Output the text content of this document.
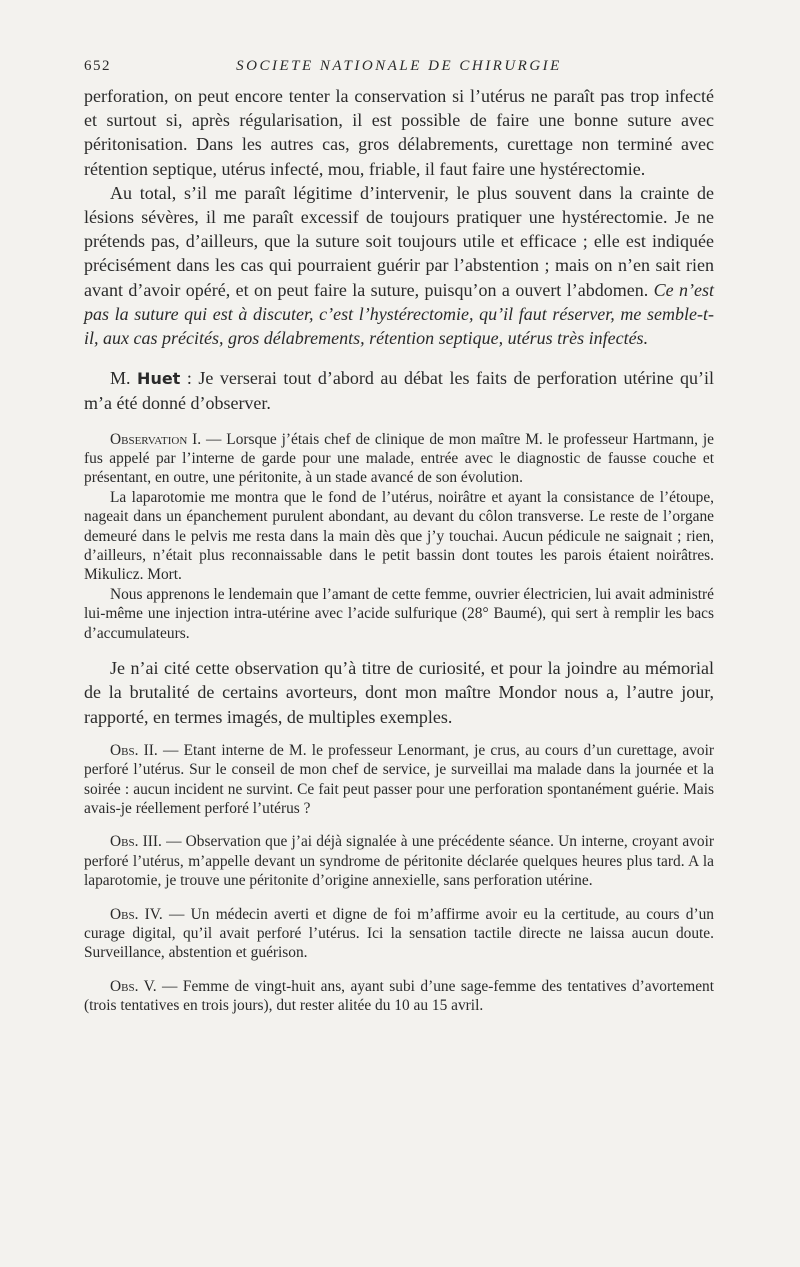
652	SOCIETE NATIONALE DE CHIRURGIE

perforation, on peut encore tenter la conservation si l’utérus ne paraît pas trop infecté et surtout si, après régularisation, il est possible de faire une bonne suture avec péritonisation. Dans les autres cas, gros délabrements, curettage non terminé avec rétention septique, utérus infecté, mou, friable, il faut faire une hystérectomie.

Au total, s’il me paraît légitime d’intervenir, le plus souvent dans la crainte de lésions sévères, il me paraît excessif de toujours pratiquer une hystérectomie. Je ne prétends pas, d’ailleurs, que la suture soit toujours utile et efficace ; elle est indiquée précisément dans les cas qui pourraient guérir par l’abstention ; mais on n’en sait rien avant d’avoir opéré, et on peut faire la suture, puisqu’on a ouvert l’abdomen. Ce n’est pas la suture qui est à discuter, c’est l’hystérectomie, qu’il faut réserver, me semble-t-il, aux cas précités, gros délabrements, rétention septique, utérus très infectés.

M. Huet : Je verserai tout d’abord au débat les faits de perforation utérine qu’il m’a été donné d’observer.

Observation I. — Lorsque j’étais chef de clinique de mon maître M. le professeur Hartmann, je fus appelé par l’interne de garde pour une malade, entrée avec le diagnostic de fausse couche et présentant, en outre, une péritonite, à un stade avancé de son évolution.

La laparotomie me montra que le fond de l’utérus, noirâtre et ayant la consistance de l’étoupe, nageait dans un épanchement purulent abondant, au devant du côlon transverse. Le reste de l’organe demeuré dans le pelvis me resta dans la main dès que j’y touchai. Aucun pédicule ne saignait ; rien, d’ailleurs, n’était plus reconnaissable dans le petit bassin dont toutes les parois étaient noirâtres. Mikulicz. Mort.

Nous apprenons le lendemain que l’amant de cette femme, ouvrier électricien, lui avait administré lui-même une injection intra-utérine avec l’acide sulfurique (28° Baumé), qui sert à remplir les bacs d’accumulateurs.

Je n’ai cité cette observation qu’à titre de curiosité, et pour la joindre au mémorial de la brutalité de certains avorteurs, dont mon maître Mondor nous a, l’autre jour, rapporté, en termes imagés, de multiples exemples.

Obs. II. — Etant interne de M. le professeur Lenormant, je crus, au cours d’un curettage, avoir perforé l’utérus. Sur le conseil de mon chef de service, je surveillai ma malade dans la journée et la soirée : aucun incident ne survint. Ce fait peut passer pour une perforation spontanément guérie. Mais avais-je réellement perforé l’utérus ?

Obs. III. — Observation que j’ai déjà signalée à une précédente séance. Un interne, croyant avoir perforé l’utérus, m’appelle devant un syndrome de péritonite déclarée quelques heures plus tard. A la laparotomie, je trouve une péritonite d’origine annexielle, sans perforation utérine.

Obs. IV. — Un médecin averti et digne de foi m’affirme avoir eu la certitude, au cours d’un curage digital, qu’il avait perforé l’utérus. Ici la sensation tactile directe ne laissa aucun doute. Surveillance, abstention et guérison.

Obs. V. — Femme de vingt-huit ans, ayant subi d’une sage-femme des tentatives d’avortement (trois tentatives en trois jours), dut rester alitée du 10 au 15 avril.
